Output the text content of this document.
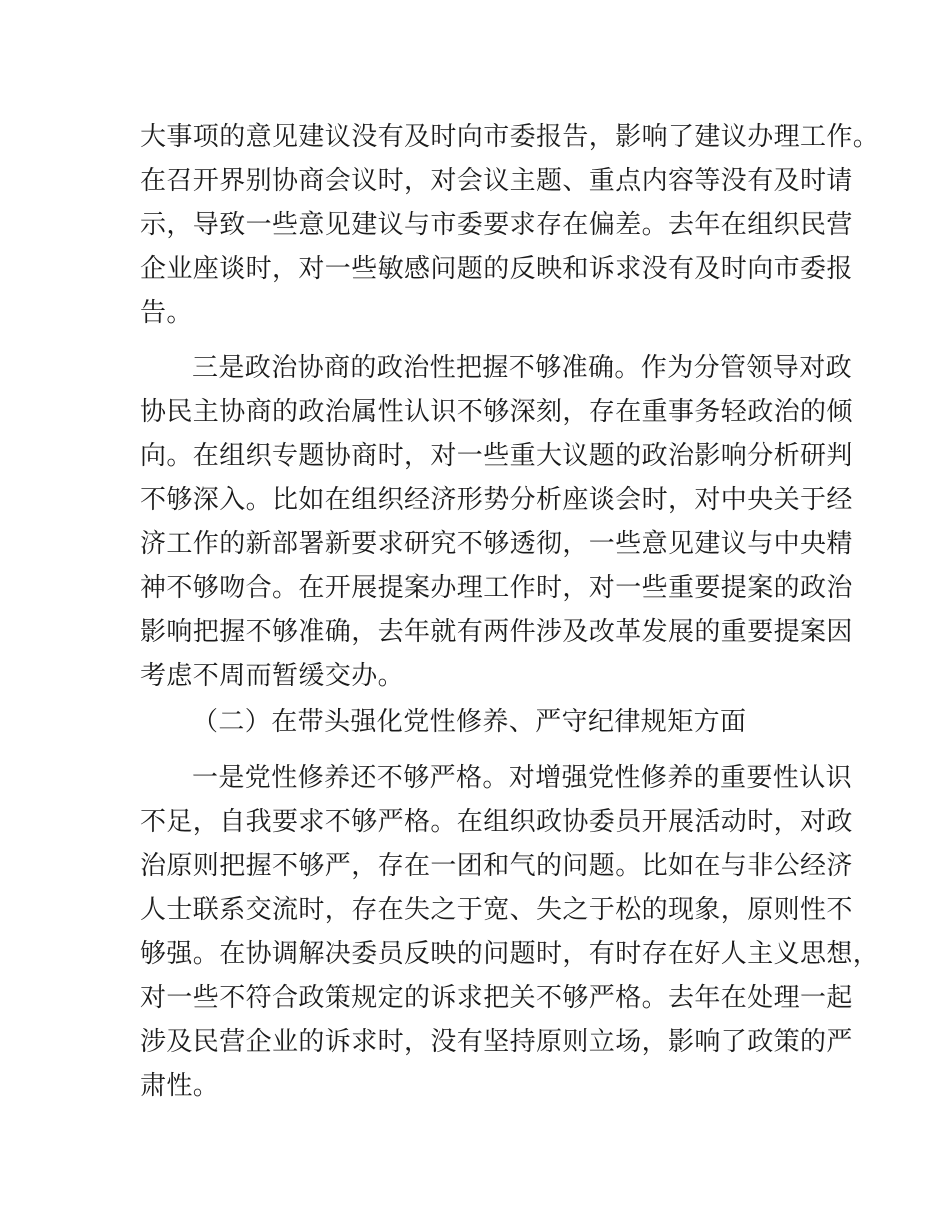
大事项的意见建议没有及时向市委报告，影响了建议办理工作。
在召开界别协商会议时，对会议主题、重点内容等没有及时请
示，导致一些意见建议与市委要求存在偏差。去年在组织民营
企业座谈时，对一些敏感问题的反映和诉求没有及时向市委报
告。
三是政治协商的政治性把握不够准确。作为分管领导对政
协民主协商的政治属性认识不够深刻，存在重事务轻政治的倾
向。在组织专题协商时，对一些重大议题的政治影响分析研判
不够深入。比如在组织经济形势分析座谈会时，对中央关于经
济工作的新部署新要求研究不够透彻，一些意见建议与中央精
神不够吻合。在开展提案办理工作时，对一些重要提案的政治
影响把握不够准确，去年就有两件涉及改革发展的重要提案因
考虑不周而暂缓交办。
（二）在带头强化党性修养、严守纪律规矩方面
一是党性修养还不够严格。对增强党性修养的重要性认识
不足，自我要求不够严格。在组织政协委员开展活动时，对政
治原则把握不够严，存在一团和气的问题。比如在与非公经济
人士联系交流时，存在失之于宽、失之于松的现象，原则性不
够强。在协调解决委员反映的问题时，有时存在好人主义思想，
对一些不符合政策规定的诉求把关不够严格。去年在处理一起
涉及民营企业的诉求时，没有坚持原则立场，影响了政策的严
肃性。
